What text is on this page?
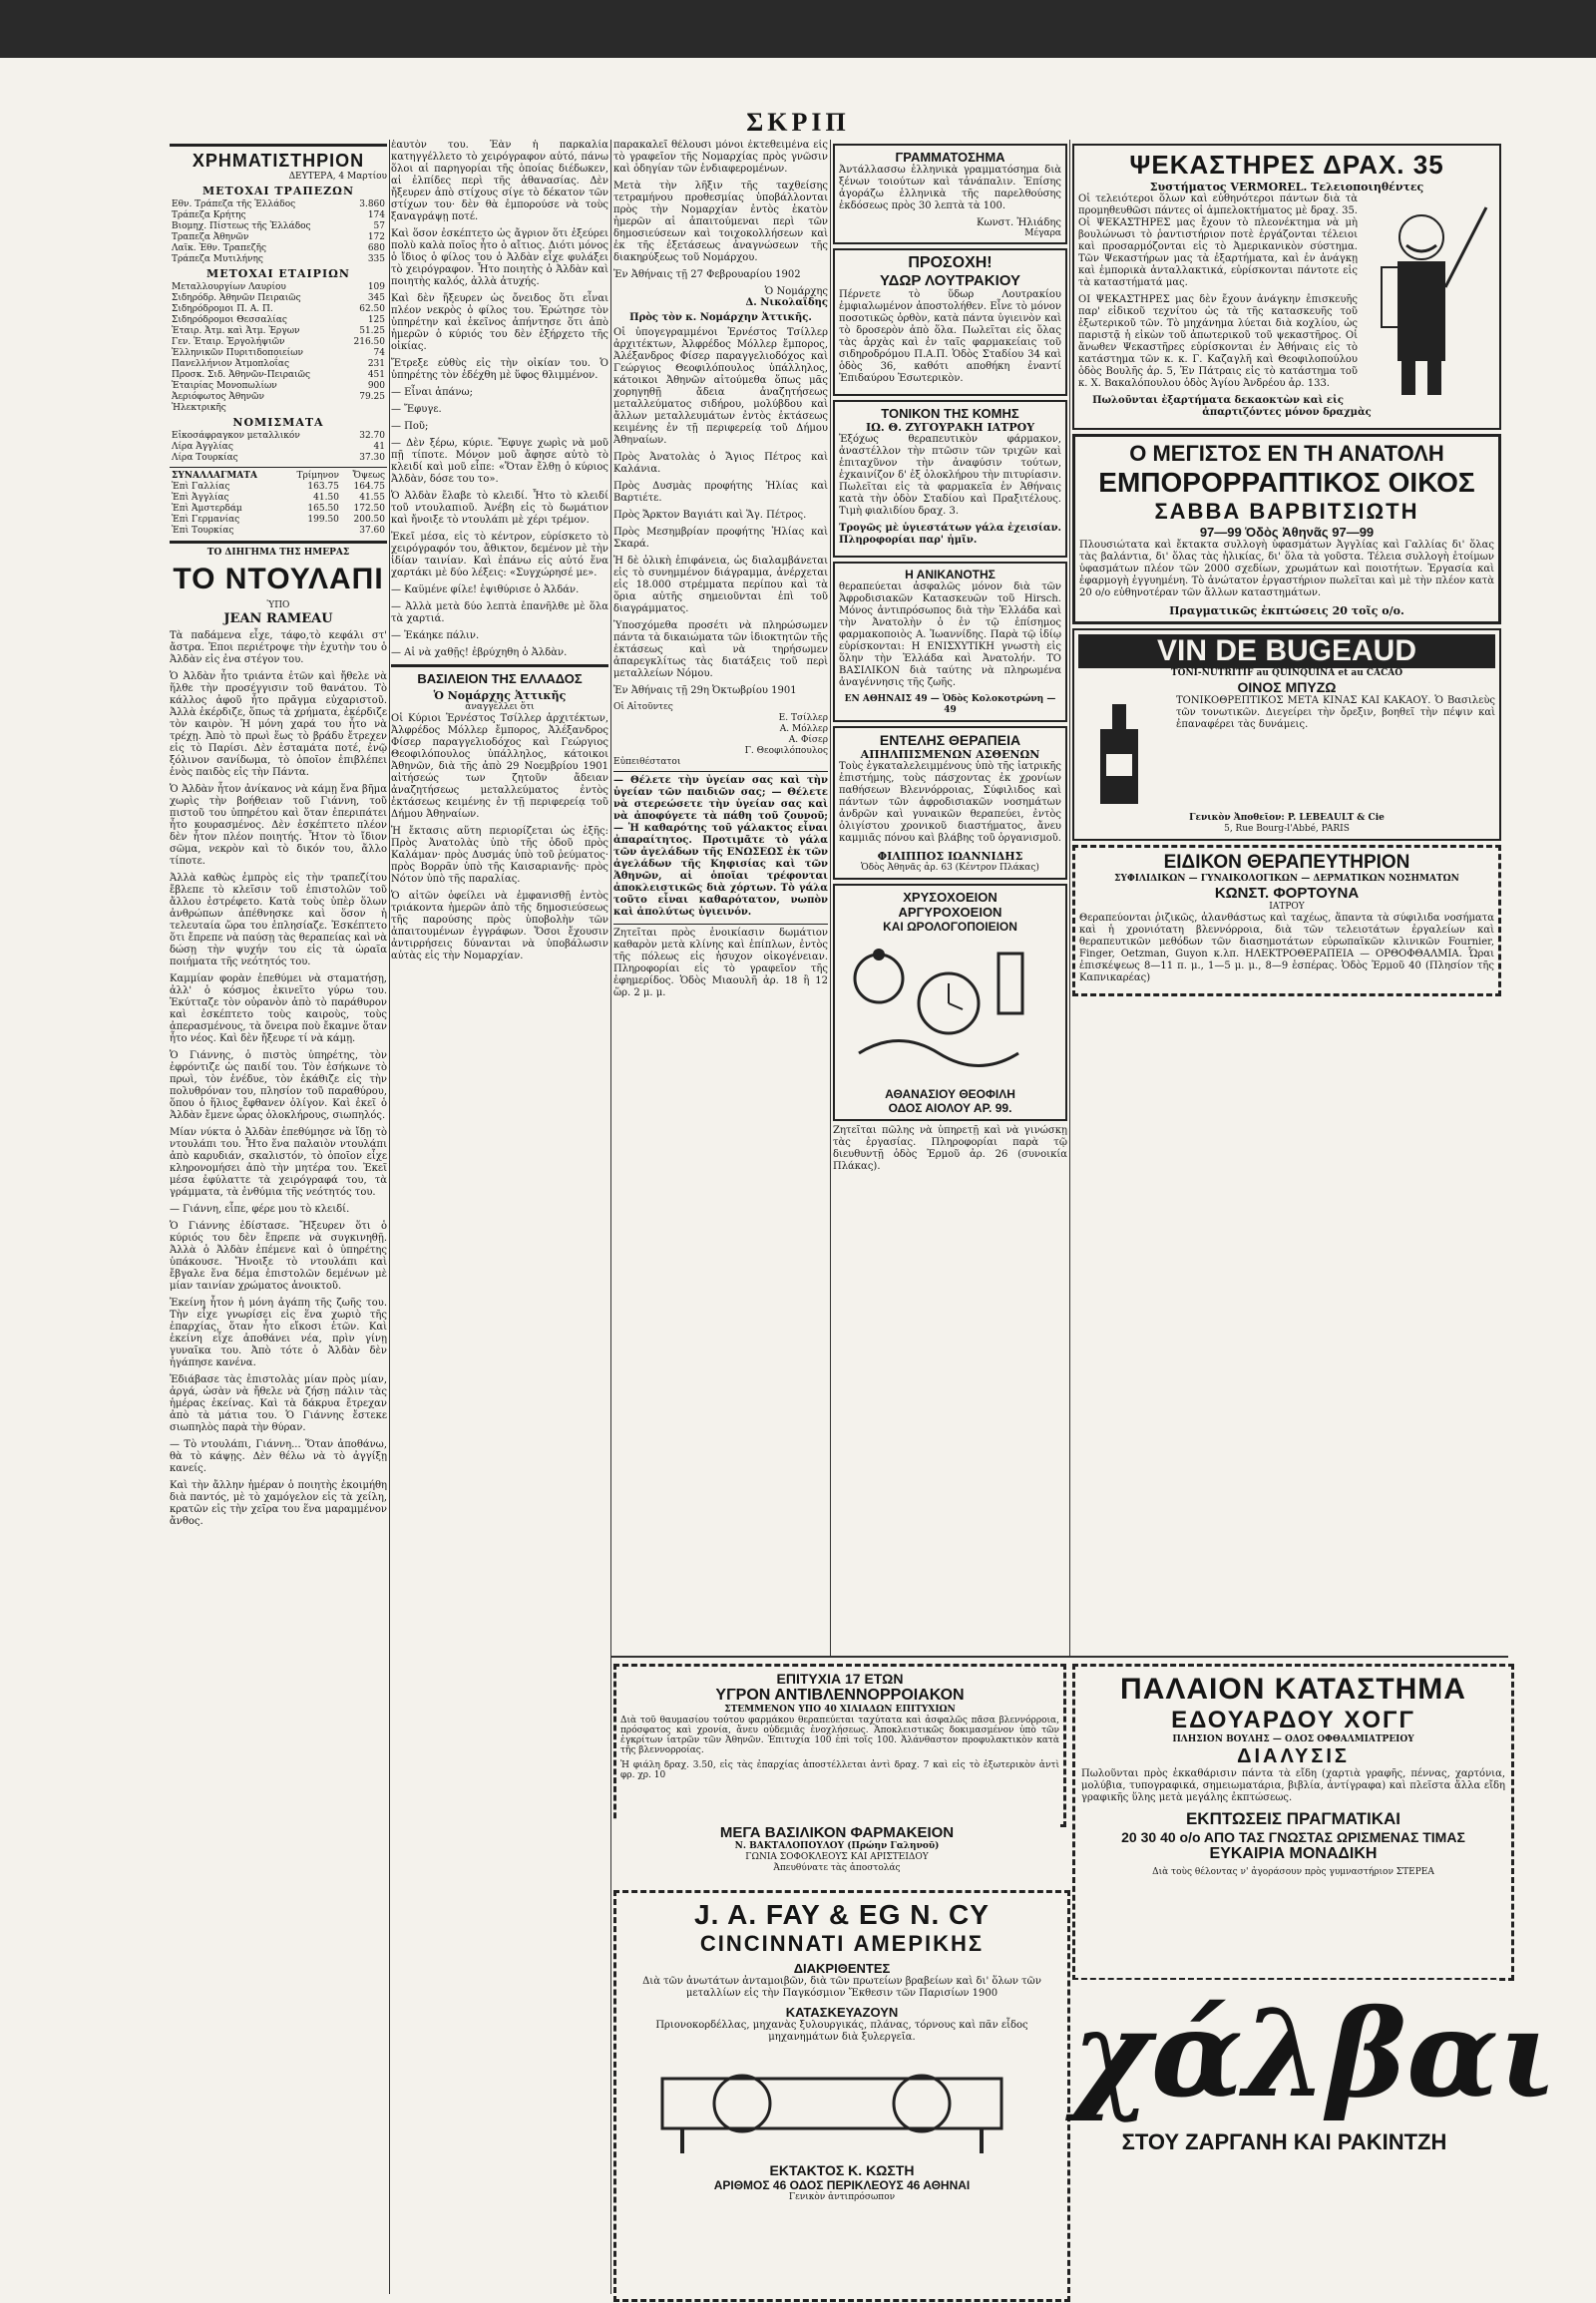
ΣΚΡΙΠ
ΧΡΗΜΑΤΙΣΤΗΡΙΟΝ
ΔΕΥΤΕΡΑ, 4 Μαρτίου
ΜΕΤΟΧΑΙ ΤΡΑΠΕΖΩΝ
Εθν. Τράπεζα τῆς Ἑλλάδος	3.860
Τράπεζα Κρήτης	174
Βιομηχ. Πίστεως τῆς Ἑλλάδος	57
Τραπεζα Ἀθηνῶν	172
Λαϊκ. Ἐθν. Τραπεζῆς	680
Τράπεζα Μυτιλήνης	335
ΜΕΤΟΧΑΙ ΕΤΑΙΡΙΩΝ
Μεταλλουργίων Λαυρίου	109
Σιδηρόδρ. Ἀθηνῶν Πειραιῶς	345
Σιδηρόδρομοι Π. Α. Π.	62.50
Σιδηρόδρομοι Θεσσαλίας	125
Ἑταιρ. Ἀτμ. καὶ Ἀτμ. Ἐργων	51.25
Γεν. Ἑταιρ. Ἐργολήψιῶν	216.50
Ἑλληνικῶν Πυριτιδοποιείων	74
Πανελλήνιον Ἀτμοπλοΐας	231
Προσκ. Σιδ. Ἀθηνῶν-Πειραιῶς	451
Ἑταιρίας Μονοπωλίων	900
Ἀεριόφωτος Ἀθηνῶν	79.25
Ἠλεκτρικῆς	
ΝΟΜΙΣΜΑΤΑ
Εἰκοσάφραγκον μεταλλικόν	32.70
Λίρα Ἀγγλίας	41
Λίρα Τουρκίας	37.30
ΣΥΝΑΛΛΑΓΜΑΤΑ	Τρίμηνον	Ὄψεως
Ἐπὶ Γαλλίας	163.75	164.75
Ἐπὶ Ἀγγλίας	41.50	41.55
Ἐπὶ Ἀμστερδάμ	165.50	172.50
Ἐπὶ Γερμανίας	199.50	200.50
Ἐπὶ Τουρκίας		37.60
ΤΟ ΔΙΗΓΗΜΑ ΤΗΣ ΗΜΕΡΑΣ
ΤΟ ΝΤΟΥΛΑΠΙ
ὙΠΟ
JEAN RAMEAU

Τὰ παδάμενα εἶχε, τάφο,τὸ κεφάλι στ' ἄστρα. Ἐποι περιέτροψε τὴν ἐχυτὴν του ὁ Ἀλδὰν εἰς ἐνα στέγον του.

Ὁ Ἀλδὰν ἦτο τριάντα ἐτῶν καὶ ἤθελε νὰ ἥλθε τὴν προσέγγισιν τοῦ θανάτου. Τὸ κάλλος ἀφοῦ ἦτο πρᾶγμα εὐχαριστοῦ. Ἀλλὰ ἐκέρδιζε, ὅπως τὰ χρήματα, ἐκέρδιζε τὸν καιρὸν. Ἡ μόνη χαρά του ἦτο νὰ τρέχῃ. Ἀπὸ τὸ πρωὶ ἕως τὸ βράδυ ἔτρεχεν εἰς τὸ Παρίσι. Δὲν ἐσταμάτα ποτέ, ἐνῷ ξόλινον σανίδωμα, τὸ ὁποῖον ἐπιβλέπει ἐνὸς παιδὸς εἰς τὴν Πάντα.

Ὁ Ἀλδὰν ἦτον ἀνίκανος νὰ κάμῃ ἕνα βῆμα χωρὶς τὴν βοήθειαν τοῦ Γιάννη, τοῦ πιστοῦ του ὑπηρέτου καὶ ὅταν ἐπεριπάτει ἦτο κουρασμένος. Δὲν ἐσκέπτετο πλέον δὲν ἦτον πλέον ποιητής. Ἦτον τὸ ἴδιον σῶμα, νεκρὸν καὶ τὸ δικόν του, ἄλλο τίποτε.

Ἀλλὰ καθὼς ἐμπρὸς εἰς τὴν τραπεζίτου ἔβλεπε τὸ κλεῖσιν τοῦ ἐπιστολῶν τοῦ ἄλλου ἐστρέφετο. Κατὰ τοὺς ὑπὲρ ὅλων ἀνθρώπων ἀπέθνησκε καὶ ὅσον ἡ τελευταία ὥρα του ἐπλησίαζε. Ἐσκέπτετο ὅτι ἔπρεπε νὰ παύσῃ τὰς θεραπείας καὶ νὰ δώσῃ τὴν ψυχήν του εἰς τὰ ὡραῖα ποιήματα τῆς νεότητός του.

Καμμίαν φορὰν ἐπεθύμει νὰ σταματήσῃ, ἀλλ' ὁ κόσμος ἐκινεῖτο γύρω του. Ἐκύτταζε τὸν οὐρανὸν ἀπὸ τὸ παράθυρον καὶ ἐσκέπτετο τοὺς καιροὺς, τοὺς ἀπερασμένους, τὰ ὄνειρα ποὺ ἔκαμνε ὅταν ἦτο νέος. Καὶ δὲν ἤξευρε τί νὰ κάμῃ.

Ὁ Γιάννης, ὁ πιστὸς ὑπηρέτης, τὸν ἐφρόντιζε ὡς παιδί του. Τὸν ἐσήκωνε τὸ πρωὶ, τὸν ἐνέδυε, τὸν ἐκάθιζε εἰς τὴν πολυθρόναν του, πλησίον τοῦ παραθύρου, ὅπου ὁ ἥλιος ἔφθανεν ὀλίγον. Καὶ ἐκεῖ ὁ Ἀλδὰν ἔμενε ὧρας ὁλοκλήρους, σιωπηλός.

Μίαν νύκτα ὁ Ἀλδὰν ἐπεθύμησε νὰ ἴδῃ τὸ ντουλάπι του. Ἦτο ἕνα παλαιὸν ντουλάπι ἀπὸ καρυδιάν, σκαλιστόν, τὸ ὁποῖον εἶχε κληρονομήσει ἀπὸ τὴν μητέρα του. Ἐκεῖ μέσα ἐφύλαττε τὰ χειρόγραφά του, τὰ γράμματα, τὰ ἐνθύμια τῆς νεότητός του.

— Γιάννη, εἶπε, φέρε μου τὸ κλειδί.

Ὁ Γιάννης ἐδίστασε. Ἤξευρεν ὅτι ὁ κύριός του δὲν ἔπρεπε νὰ συγκινηθῇ. Ἀλλὰ ὁ Ἀλδὰν ἐπέμενε καὶ ὁ ὑπηρέτης ὑπάκουσε. Ἤνοιξε τὸ ντουλάπι καὶ ἔβγαλε ἕνα δέμα ἐπιστολῶν δεμένων μὲ μίαν ταινίαν χρώματος ἀνοικτοῦ.

Ἐκείνη ἦτον ἡ μόνη ἀγάπη τῆς ζωῆς του. Τὴν εἶχε γνωρίσει εἰς ἕνα χωριὸ τῆς ἐπαρχίας, ὅταν ἦτο εἴκοσι ἐτῶν. Καὶ ἐκείνη εἶχε ἀποθάνει νέα, πρὶν γίνῃ γυναῖκα του. Ἀπὸ τότε ὁ Ἀλδὰν δὲν ἠγάπησε κανένα.

Ἐδιάβασε τὰς ἐπιστολὰς μίαν πρὸς μίαν, ἀργά, ὡσὰν νὰ ἤθελε νὰ ζήσῃ πάλιν τὰς ἡμέρας ἐκείνας. Καὶ τὰ δάκρυα ἔτρεχαν ἀπὸ τὰ μάτια του. Ὁ Γιάννης ἔστεκε σιωπηλὸς παρὰ τὴν θύραν.

— Τὸ ντουλάπι, Γιάννη... Ὅταν ἀποθάνω, θὰ τὸ κάψῃς. Δὲν θέλω νὰ τὸ ἀγγίξῃ κανείς.

Καὶ τὴν ἄλλην ἡμέραν ὁ ποιητὴς ἐκοιμήθη διὰ παντός, μὲ τὸ χαμόγελον εἰς τὰ χείλη, κρατῶν εἰς τὴν χεῖρα του ἕνα μαραμμένον ἄνθος.

ἑαυτὸν του. Ἐὰν ἡ παρκαλία κατηγγέλλετο τὸ χειρόγραφον αὐτό, πάνω ὅλοι αἱ παρηγορίαι τῆς ὁποίας διέδωκεν, αἱ ἐλπίδες περὶ τῆς ἀθανασίας. Δὲν ἤξευρεν ἀπὸ στίχους σίγε τὸ δέκατον τῶν στίχων του· δὲν θὰ ἐμπορούσε νὰ τοὺς ξαναγράψῃ ποτέ.

Καὶ ὅσον ἐσκέπτετο ὡς ἄγριον ὅτι ἐξεύρει πολὺ καλὰ ποῖος ἦτο ὁ αἴτιος. Διότι μόνος ὁ ἴδιος ὁ φίλος του ὁ Ἀλδὰν εἶχε φυλάξει τὸ χειρόγραφον. Ἦτο ποιητὴς ὁ Ἀλδὰν καὶ ποιητὴς καλός, ἀλλὰ ἀτυχής.

Καὶ δὲν ἤξευρεν ὡς ὄνειδος ὅτι εἶναι πλέον νεκρὸς ὁ φίλος του. Ἐρώτησε τὸν ὑπηρέτην καὶ ἐκεῖνος ἀπήντησε ὅτι ἀπὸ ἡμερῶν ὁ κύριός του δὲν ἐξήρχετο τῆς οἰκίας.

Ἔτρεξε εὐθὺς εἰς τὴν οἰκίαν του. Ὁ ὑπηρέτης τὸν ἐδέχθη μὲ ὕφος θλιμμένον.

— Εἶναι ἀπάνω;

— Ἔφυγε.

— Ποῦ;

— Δὲν ξέρω, κύριε. Ἔφυγε χωρὶς νὰ μοῦ πῇ τίποτε. Μόνον μοῦ ἄφησε αὐτὸ τὸ κλειδί καὶ μοῦ εἶπε: «Ὅταν ἔλθῃ ὁ κύριος Ἀλδὰν, δόσε του το».

Ὁ Ἀλδὰν ἔλαβε τὸ κλειδί. Ἦτο τὸ κλειδί τοῦ ντουλαπιοῦ. Ἀνέβη εἰς τὸ δωμάτιον καὶ ἤνοιξε τὸ ντουλάπι μὲ χέρι τρέμον.

Ἐκεῖ μέσα, εἰς τὸ κέντρον, εὑρίσκετο τὸ χειρόγραφόν του, ἄθικτον, δεμένον μὲ τὴν ἰδίαν ταινίαν. Καὶ ἐπάνω εἰς αὐτό ἕνα χαρτάκι μὲ δύο λέξεις: «Συγχώρησέ με».

— Καϋμένε φίλε! ἐψιθύρισε ὁ Ἀλδάν.

— Ἀλλὰ μετὰ δύο λεπτὰ ἐπανῆλθε μὲ ὅλα τὰ χαρτιά.

— Ἐκάηκε πάλιν.

— Αἱ νὰ χαθῇς! ἐβρύχηθη ὁ Ἀλδὰν.

ΒΑΣΙΛΕΙΟΝ ΤΗΣ ΕΛΛΑΔΟΣ
Ὁ Νομάρχης Ἀττικῆς
ἀναγγέλλει ὅτι

Οἱ Κύριοι Ἑρνέστος Τσίλλερ ἀρχιτέκτων, Ἀλφρέδος Μόλλερ ἔμπορος, Ἀλέξανδρος Φίσερ παραγγελιοδόχος καὶ Γεώργιος Θεοφιλόπουλος ὑπάλληλος, κάτοικοι Ἀθηνῶν, διὰ τῆς ἀπὸ 29 Νοεμβρίου 1901 αἰτήσεώς των ζητοῦν ἄδειαν ἀναζητήσεως μεταλλεύματος ἐντὸς ἐκτάσεως κειμένης ἐν τῇ περιφερείᾳ τοῦ Δήμου Ἀθηναίων.

Ἡ ἔκτασις αὕτη περιορίζεται ὡς ἑξῆς: Πρὸς Ἀνατολὰς ὑπὸ τῆς ὁδοῦ πρὸς Καλάμαν· πρὸς Δυσμάς ὑπὸ τοῦ ῥεύματος· πρὸς Βορρᾶν ὑπὸ τῆς Καισαριανῆς· πρὸς Νότον ὑπὸ τῆς παραλίας.

Ὁ αἰτῶν ὀφείλει νὰ ἐμφανισθῇ ἐντὸς τριάκοντα ἡμερῶν ἀπὸ τῆς δημοσιεύσεως τῆς παρούσης πρὸς ὑποβολὴν τῶν ἀπαιτουμένων ἐγγράφων. Ὅσοι ἔχουσιν ἀντιρρήσεις δύνανται νὰ ὑποβάλωσιν αὐτὰς εἰς τὴν Νομαρχίαν.

παρακαλεῖ θέλουσι μόνοι ἐκτεθειμένα εἰς τὸ γραφεῖον τῆς Νομαρχίας πρὸς γνῶσιν καὶ ὁδηγίαν τῶν ἐνδιαφερομένων.

Μετὰ τὴν λῆξιν τῆς ταχθείσης τετραμήνου προθεσμίας ὑποβάλλονται πρὸς τὴν Νομαρχίαν ἐντὸς ἑκατὸν ἡμερῶν αἱ ἀπαιτούμεναι περὶ τῶν δημοσιεύσεων καὶ τοιχοκολλήσεων καὶ ἐκ τῆς ἐξετάσεως ἀναγνώσεων τῆς διακηρύξεως τοῦ Νομάρχου.

Ἐν Ἀθήναις τῇ 27 Φεβρουαρίου 1902

Ὁ Νομάρχης
Δ. Νικολαΐδης
Πρὸς τὸν κ. Νομάρχην Ἀττικῆς.

Οἱ ὑπογεγραμμένοι Ἑρνέστος Τσίλλερ ἀρχιτέκτων, Ἀλφρέδος Μόλλερ ἔμπορος, Ἀλέξανδρος Φίσερ παραγγελιοδόχος καὶ Γεώργιος Θεοφιλόπουλος ὑπάλληλος, κάτοικοι Ἀθηνῶν αἰτούμεθα ὅπως μᾶς χορηγηθῇ ἄδεια ἀναζητήσεως μεταλλεύματος σιδήρου, μολύβδου καὶ ἄλλων μεταλλευμάτων ἐντὸς ἐκτάσεως κειμένης ἐν τῇ περιφερείᾳ τοῦ Δήμου Ἀθηναίων.

Πρὸς Ἀνατολὰς ὁ Ἄγιος Πέτρος καὶ Καλάνια.

Πρὸς Δυσμὰς προφήτης Ἠλίας καὶ Βαρτιέτε.

Πρὸς Ἄρκτον Βαγιάτι καὶ Ἅγ. Πέτρος.

Πρὸς Μεσημβρίαν προφήτης Ἠλίας καὶ Σκαρά.

Ἡ δὲ ὁλικὴ ἐπιφάνεια, ὡς διαλαμβάνεται εἰς τὸ συνημμένον διάγραμμα, ἀνέρχεται εἰς 18.000 στρέμματα περίπου καὶ τὰ ὅρια αὐτῆς σημειοῦνται ἐπὶ τοῦ διαγράμματος.

Ὑποσχόμεθα προσέτι νὰ πληρώσωμεν πάντα τὰ δικαιώματα τῶν ἰδιοκτητῶν τῆς ἐκτάσεως καὶ νὰ τηρήσωμεν ἀπαρεγκλίτως τὰς διατάξεις τοῦ περὶ μεταλλείων Νόμου.

Ἐν Ἀθήναις τῇ 29η Ὀκτωβρίου 1901

Οἱ Αἰτοῦντες
Ε. Τσίλλερ
Α. Μόλλερ
Α. Φίσερ
Γ. Θεοφιλόπουλος
Εὑπειθέστατοι

— Θέλετε τὴν ὑγείαν σας καὶ τὴν ὑγείαν τῶν παιδιῶν σας; — Θέλετε νὰ στερεώσετε τὴν ὑγείαν σας καὶ νὰ ἀποφύγετε τὰ πάθη τοῦ ζουνοῦ; — Ἡ καθαρότης τοῦ γάλακτος εἶναι ἀπαραίτητος. Προτιμᾶτε τὸ γάλα τῶν ἀγελάδων τῆς ΕΝΩΣΕΩΣ ἐκ τῶν ἀγελάδων τῆς Κηφισίας καὶ τῶν Ἀθηνῶν, αἱ ὁποῖαι τρέφονται ἀποκλειστικῶς διὰ χόρτων. Τὸ γάλα τοῦτο εἶναι καθαρότατον, νωπὸν καὶ ἀπολύτως ὑγιεινόν.

Ζητεῖται πρὸς ἐνοικίασιν δωμάτιον καθαρὸν μετὰ κλίνης καὶ ἐπίπλων, ἐντὸς τῆς πόλεως εἰς ἡσυχον οἰκογένειαν. Πληροφορίαι εἰς τὸ γραφεῖον τῆς ἐφημερίδος. Ὁδὸς Μιαουλῆ ἀρ. 18 ἢ 12 ὥρ. 2 μ. μ.

ΓΡΑΜΜΑΤΟΣΗΜΑ

Ἀντάλλασσω ἑλληνικὰ γραμματόσημα διὰ ξένων τοιούτων καὶ τἀνάπαλιν. Ἐπίσης ἀγοράζω ἑλληνικὰ τῆς παρελθούσης ἐκδόσεως πρὸς 30 λεπτὰ τὰ 100.

Κωνστ. Ἠλιάδης
Μέγαρα
ΠΡΟΣΟΧΗ!
ΥΔΩΡ ΛΟΥΤΡΑΚΙΟΥ

Πέρνετε τὸ ὕδωρ Λουτρακίου ἐμφιαλωμένον ἀποστολήθεν. Εἶνε τὸ μόνον ποσοτικῶς ὀρθὸν, κατὰ πάντα ὑγιεινὸν καὶ τὸ δροσερὸν ἀπὸ ὅλα. Πωλεῖται εἰς ὅλας τὰς ἀρχὰς καὶ ἐν ταῖς φαρμακείαις τοῦ σιδηροδρόμου Π.Α.Π. Ὁδὸς Σταδίου 34 καὶ ὁδὸς 36, καθότι αποθήκη ἐναντί Ἐπιδαύρου Ἐσωτερικὸν.

ΤΟΝΙΚΟΝ ΤΗΣ ΚΟΜΗΣ
ΙΩ. Θ. ΖΥΓΟΥΡΑΚΗ ΙΑΤΡΟΥ

Ἐξόχως θεραπευτικὸν φάρμακον, ἀναστέλλον τὴν πτῶσιν τῶν τριχῶν καὶ ἐπιταχῦνον τὴν ἀναφύσιν τούτων, ἐχκαινίζον δ' ἐξ ὁλοκλήρου τὴν πιτυρίασιν. Πωλεῖται εἰς τὰ φαρμακεῖα ἐν Ἀθήναις κατὰ τὴν ὁδὸν Σταδίου καὶ Πραξιτέλους. Τιμὴ φιαλιδίου δραχ. 3.

Τρογῶς μὲ ὑγιεστάτων γάλα ἐχεισίαν. Πληροφορίαι παρ' ἡμῖν.

Η ΑΝΙΚΑΝΟΤΗΣ

θεραπεύεται ἀσφαλῶς μόνον διὰ τῶν Ἀφροδισιακῶν Κατασκευῶν τοῦ Hirsch. Μόνος ἀντιπρόσωπος διὰ τὴν Ἑλλάδα καὶ τὴν Ἀνατολὴν ὁ ἐν τῷ ἐπίσημος φαρμακοποιὸς Α. Ἰωαννίδης. Παρὰ τῷ ἰδίῳ εὑρίσκονται: Η ΕΝΙΣΧΥΤΙΚΗ γνωστὴ εἰς ὅλην τὴν Ἑλλάδα καὶ Ἀνατολήν. ΤΟ ΒΑΣΙΛΙΚΟΝ διὰ ταύτης νὰ πληρωμένα ἀναγέννησις τῆς ζωῆς.

ΕΝ ΑΘΗΝΑΙΣ 49 — Ὁδὸς Κολοκοτρώνη — 49
ΕΝΤΕΛΗΣ ΘΕΡΑΠΕΙΑ
ΑΠΗΛΠΙΣΜΕΝΩΝ ΑΣΘΕΝΩΝ

Τοὺς ἐγκαταλελειμμένους ὑπὸ τῆς ἰατρικῆς ἐπιστήμης, τοὺς πάσχοντας ἐκ χρονίων παθήσεων Βλεννόρροιας, Σύφιλιδος καὶ πάντων τῶν ἀφροδισιακῶν νοσημάτων ἀνδρῶν καὶ γυναικῶν θεραπεύει, ἐντὸς ὀλιγίστου χρονικοῦ διαστήματος, ἄνευ καμμιᾶς πόνου καὶ βλάβης τοῦ ὀργανισμοῦ.

ΦΙΛΙΠΠΟΣ ΙΩΑΝΝΙΔΗΣ
Ὁδὸς Ἀθηνᾶς ἀρ. 63 (Κέντρον Πλάκας)
ΧΡΥΣΟΧΟΕΙΟΝ
ΑΡΓΥΡΟΧΟΕΙΟΝ
ΚΑΙ ΩΡΟΛΟΓΟΠΟΙΕΙΟΝ
ΑΘΑΝΑΣΙΟΥ ΘΕΟΦΙΛΗ
ΟΔΟΣ ΑΙΟΛΟΥ ΑΡ. 99.

Ζητεῖται πῶλης νὰ ὑπηρετῇ καὶ νὰ γινώσκῃ τὰς ἐργασίας. Πληροφορίαι παρὰ τῷ διευθυντῇ ὁδὸς Ἐρμοῦ ἀρ. 26 (συνοικία Πλάκας).

ΨΕΚΑΣΤΗΡΕΣ ΔΡΑΧ. 35
Συστήματος VERMOREL. Τελειοποιηθέντες

Οἱ τελειότεροι ὅλων καὶ εὐθηνότεροι πάντων διὰ τὰ προμηθευθῶσι πάντες οἱ ἀμπελοκτήματος μὲ δραχ. 35. Οἱ ΨΕΚΑΣΤΗΡΕΣ μας ἔχουν τὸ πλεονέκτημα νὰ μὴ βουλώνωσι τὸ ῥαντιστήριον ποτὲ ἐργάζονται τέλειοι καὶ προσαρμόζονται εἰς τὸ Ἀμερικανικὸν σύστημα. Τῶν Ψεκαστήρων μας τὰ ἐξαρτήματα, καὶ ἐν ἀνάγκῃ καὶ ἐμπορικὰ ἀνταλλακτικά, εὑρίσκονται πάντοτε εἰς τὰ καταστήματά μας.

ΟΙ ΨΕΚΑΣΤΗΡΕΣ μας δὲν ἔχουν ἀνάγκην ἐπισκευῆς παρ' εἰδικοῦ τεχνίτου ὡς τὰ τῆς κατασκευῆς τοῦ ἐξωτερικοῦ τῶν. Τὸ μηχάνημα λύεται διὰ κοχλίου, ὡς παριστᾷ ἡ εἰκὼν τοῦ ἀπωτερικοῦ τοῦ ψεκαστῆρος. Οἱ ἄνωθεν Ψεκαστῆρες εὑρίσκονται ἐν Ἀθήναις εἰς τὸ κατάστημα τῶν κ. κ. Γ. Καζαγλῆ καὶ Θεοφιλοπούλου ὁδὸς Βουλῆς ἀρ. 5, Ἐν Πάτραις εἰς τὸ κατάστημα τοῦ κ. Χ. Βακαλόπουλου ὁδὸς Ἁγίου Ἀνδρέου ἀρ. 133.

Πωλοῦνται ἐξαρτήματα δεκαοκτὼν καὶ εἰς ἀπαρτιζόντες μόνον δραχμὰς

Ο ΜΕΓΙΣΤΟΣ ΕΝ ΤΗ ΑΝΑΤΟΛΗ
ΕΜΠΟΡΟΡΡΑΠΤΙΚΟΣ ΟΙΚΟΣ
ΣΑΒΒΑ ΒΑΡΒΙΤΣΙΩΤΗ
97—99 Ὁδὸς Ἀθηνᾶς 97—99

Πλουσιώτατα καὶ ἔκτακτα συλλογὴ ὑφασμάτων Ἀγγλίας καὶ Γαλλίας δι' ὅλας τὰς βαλάντια, δι' ὅλας τὰς ἡλικίας, δι' ὅλα τὰ γοῦστα. Τέλεια συλλογὴ ἑτοίμων ὑφασμάτων πλέον τῶν 2000 σχεδίων, χρωμάτων καὶ ποιοτήτων. Ἐργασία καὶ ἐφαρμογὴ ἐγγυημένη. Τὸ ἀνώτατον ἐργαστήριον πωλεῖται καὶ μὲ τὴν πλέον κατὰ 20 ο/ο εὐθηνοτέραν τῶν ἄλλων καταστημάτων.

Πραγματικῶς ἐκπτώσεις 20 τοῖς ο/ο.
VIN DE BUGEAUD
TONI-NUTRITIF au QUINQUINA et au CACAO
ΟΙΝΟΣ ΜΠΥΖΩ

ΤΟΝΙΚΟΘΡΕΠΤΙΚΟΣ ΜΕΤΑ ΚΙΝΑΣ ΚΑΙ ΚΑΚΑΟΥ. Ὁ Βασιλεὺς τῶν τονωτικῶν. Διεγείρει τὴν ὄρεξιν, βοηθεῖ τὴν πέψιν καὶ ἐπαναφέρει τὰς δυνάμεις.

Γενικὸν Ἀποθεῖον: P. LEBEAULT & Cie
5, Rue Bourg-l'Abbé, PARIS
ΕΙΔΙΚΟΝ ΘΕΡΑΠΕΥΤΗΡΙΟΝ
ΣΥΦΙΛΙΔΙΚΩΝ — ΓΥΝΑΙΚΟΛΟΓΙΚΩΝ — ΔΕΡΜΑΤΙΚΩΝ ΝΟΣΗΜΑΤΩΝ
ΚΩΝΣΤ. ΦΟΡΤΟΥΝΑ
ΙΑΤΡΟΥ

Θεραπεύονται ῥιζικῶς, ἀλανθάστως καὶ ταχέως, ἅπαντα τὰ σύφιλιδα νοσήματα καὶ ἡ χρονιότατη βλεννόρροια, διὰ τῶν τελειοτάτων ἐργαλείων καὶ θεραπευτικῶν μεθόδων τῶν διασημοτάτων εὐρωπαϊκῶν κλινικῶν Fournier, Finger, Oetzman, Guyon κ.λπ. ΗΛΕΚΤΡΟΘΕΡΑΠΕΙΑ — ΟΡΘΟΦΘΑΛΜΙΑ. Ὧραι ἐπισκέψεως 8—11 π. μ., 1—5 μ. μ., 8—9 ἑσπέρας. Ὁδὸς Ἐρμοῦ 40 (Πλησίον τῆς Καπνικαρέας)

ΕΠΙΤΥΧΙΑ 17 ΕΤΩΝ
ΥΓΡΟΝ ΑΝΤΙΒΛΕΝΝΟΡΡΟΙΑΚΟΝ
ΣΤΕΜΜΕΝΟΝ ΥΠΟ 40 ΧΙΛΙΑΔΩΝ ΕΠΙΤΥΧΙΩΝ

Διὰ τοῦ θαυμασίου τούτου φαρμάκου θεραπεύεται ταχύτατα καὶ ἀσφαλῶς πᾶσα βλεννόρροια, πρόσφατος καὶ χρονία, ἄνευ οὐδεμιᾶς ἐνοχλήσεως. Ἀποκλειστικῶς δοκιμασμένον ὑπὸ τῶν ἐγκρίτων ἰατρῶν τῶν Ἀθηνῶν. Ἐπιτυχία 100 ἐπὶ τοῖς 100. Ἀλάνθαστον προφυλακτικὸν κατὰ τῆς βλεννορροίας.

Ἡ φιάλη δραχ. 3.50, εἰς τὰς ἐπαρχίας ἀποστέλλεται ἀντὶ δραχ. 7 καὶ εἰς τὸ ἐξωτερικὸν ἀντὶ φρ. χρ. 10

ΜΕΓΑ ΒΑΣΙΛΙΚΟΝ ΦΑΡΜΑΚΕΙΟΝ
Ν. ΒΑΚΤΑΛΟΠΟΥΛΟΥ (Πρώην Γαληνοῦ)
ΓΩΝΙΑ ΣΟΦΟΚΛΕΟΥΣ ΚΑΙ ΑΡΙΣΤΕΙΔΟΥ
Ἀπευθύνατε τὰς ἀποστολάς
J. A. FAY & EG N. CY
CINCINNATI ΑΜΕΡΙΚΗΣ
ΔΙΑΚΡΙΘΕΝΤΕΣ

Διὰ τῶν ἀνωτάτων ἀνταμοιβῶν, διὰ τῶν πρωτείων βραβείων καὶ δι' ὅλων τῶν μεταλλίων εἰς τὴν Παγκόσμιον Ἔκθεσιν τῶν Παρισίων 1900

ΚΑΤΑΣΚΕΥΑΖΟΥΝ

Πριονοκορδέλλας, μηχανὰς ξυλουργικάς, πλάνας, τόρνους καὶ πᾶν εἶδος μηχανημάτων διὰ ξυλεργεῖα.

ΕΚΤΑΚΤΟΣ Κ. ΚΩΣΤΗ
ΑΡΙΘΜΟΣ 46 ΟΔΟΣ ΠΕΡΙΚΛΕΟΥΣ 46 ΑΘΗΝΑΙ
Γενικὸν ἀντιπρόσωπον
ΠΑΛΑΙΟΝ ΚΑΤΑΣΤΗΜΑ
ΕΔΟΥΑΡΔΟΥ ΧΟΓΓ
ΠΛΗΣΙΟΝ ΒΟΥΛΗΣ — ΟΔΟΣ ΟΦΘΑΛΜΙΑΤΡΕΙΟΥ
ΔΙΑΛΥΣΙΣ

Πωλοῦνται πρὸς ἐκκαθάρισιν πάντα τὰ εἴδη (χαρτιὰ γραφῆς, πέννας, χαρτόνια, μολύβια, τυπογραφικά, σημειωματάρια, βιβλία, ἀντίγραφα) καὶ πλεῖστα ἄλλα εἴδη γραφικῆς ὕλης μετὰ μεγάλης ἐκπτώσεως.

ΕΚΠΤΩΣΕΙΣ ΠΡΑΓΜΑΤΙΚΑΙ
20 30 40 ο/ο ΑΠΟ ΤΑΣ ΓΝΩΣΤΑΣ ΩΡΙΣΜΕΝΑΣ ΤΙΜΑΣ
ΕΥΚΑΙΡΙΑ ΜΟΝΑΔΙΚΗ
Διὰ τοὺς θέλοντας ν' ἀγοράσουν πρὸς γυμναστήριον ΣΤΕΡΕΑ
χάλβαι
ΣΤΟΥ ΖΑΡΓΑΝΗ ΚΑΙ ΡΑΚΙΝΤΖΗ
